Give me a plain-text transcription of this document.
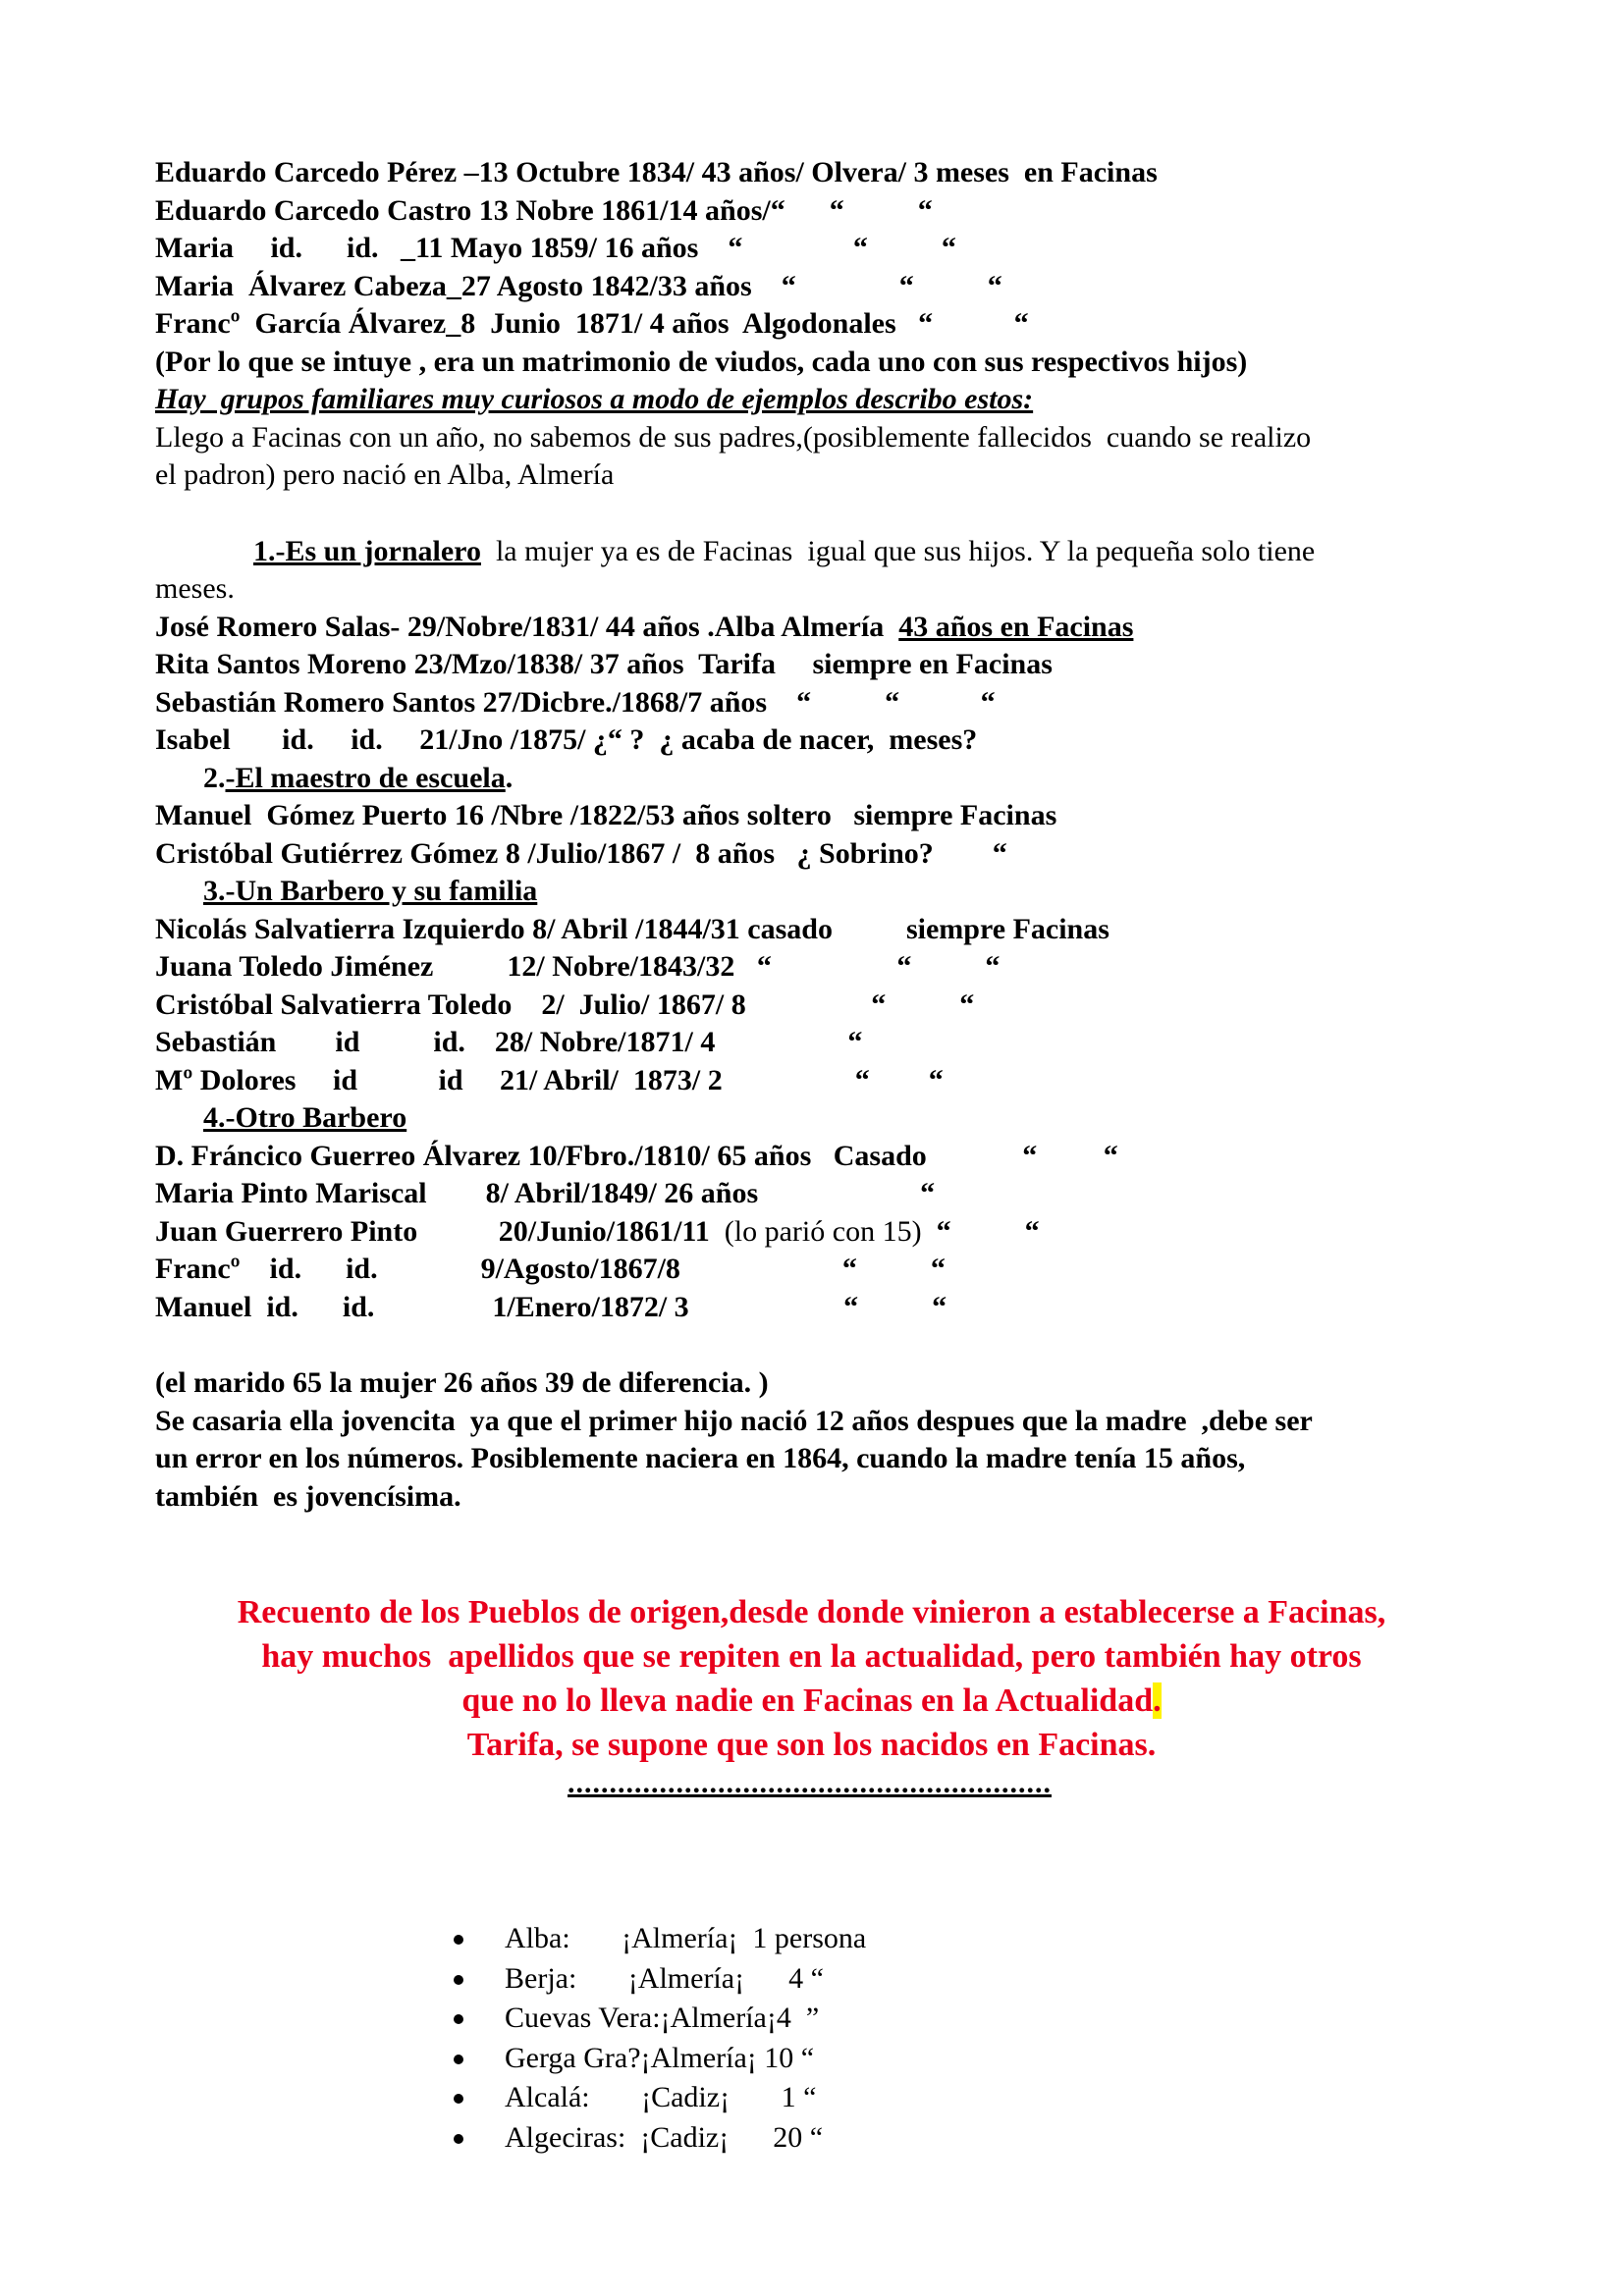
Eduardo Carcedo Pérez –13 Octubre 1834/ 43 años/ Olvera/ 3 meses  en Facinas
Eduardo Carcedo Castro 13 Nobre 1861/14 años/“      “          “
Maria     id.      id.   _11 Mayo 1859/ 16 años    “               “          “
Maria  Álvarez Cabeza_27 Agosto 1842/33 años    “              “          “
Francº  García Álvarez_8  Junio  1871/ 4 años  Algodonales   “           “
(Por lo que se intuye , era un matrimonio de viudos, cada uno con sus respectivos hijos)
Hay  grupos familiares muy curiosos a modo de ejemplos describo estos:
Llego a Facinas con un año, no sabemos de sus padres,(posiblemente fallecidos  cuando se realizo
el padron) pero nació en Alba, Almería
1.-Es un jornalero  la mujer ya es de Facinas  igual que sus hijos. Y la pequeña solo tiene
meses.
José Romero Salas- 29/Nobre/1831/ 44 años .Alba Almería  43 años en Facinas
Rita Santos Moreno 23/Mzo/1838/ 37 años  Tarifa     siempre en Facinas
Sebastián Romero Santos 27/Dicbre./1868/7 años    “          “           “
Isabel       id.     id.     21/Jno /1875/ ¿“ ?  ¿ acaba de nacer,  meses?
2.-El maestro de escuela.
Manuel  Gómez Puerto 16 /Nbre /1822/53 años soltero   siempre Facinas
Cristóbal Gutiérrez Gómez 8 /Julio/1867 /  8 años   ¿ Sobrino?        “
3.-Un Barbero y su familia
Nicolás Salvatierra Izquierdo 8/ Abril /1844/31 casado          siempre Facinas
Juana Toledo Jiménez          12/ Nobre/1843/32   “                 “          “
Cristóbal Salvatierra Toledo    2/  Julio/ 1867/ 8                 “          “
Sebastián        id          id.    28/ Nobre/1871/ 4                  “
Mº Dolores     id           id     21/ Abril/  1873/ 2                  “        “
4.-Otro Barbero
D. Fráncico Guerreo Álvarez 10/Fbro./1810/ 65 años   Casado             “         “
Maria Pinto Mariscal        8/ Abril/1849/ 26 años                      “
Juan Guerrero Pinto           20/Junio/1861/11  (lo parió con 15)  “          “
Francº    id.      id.              9/Agosto/1867/8                      “          “
Manuel  id.      id.                1/Enero/1872/ 3                     “          “
(el marido 65 la mujer 26 años 39 de diferencia. )
Se casaria ella jovencita  ya que el primer hijo nació 12 años despues que la madre  ,debe ser
un error en los números. Posiblemente naciera en 1864, cuando la madre tenía 15 años,
también  es jovencísima.
Recuento de los Pueblos de origen,desde donde vinieron a establecerse a Facinas,
hay muchos  apellidos que se repiten en la actualidad, pero también hay otros
que no lo lleva nadie en Facinas en la Actualidad.
Tarifa, se supone que son los nacidos en Facinas.
..........................................................
Alba:       ¡Almería¡  1 persona
Berja:       ¡Almería¡      4 “
Cuevas Vera:¡Almería¡4  ”
Gerga Gra?¡Almería¡ 10 “
Alcalá:       ¡Cadiz¡       1 “
Algeciras:  ¡Cadiz¡      20 “
